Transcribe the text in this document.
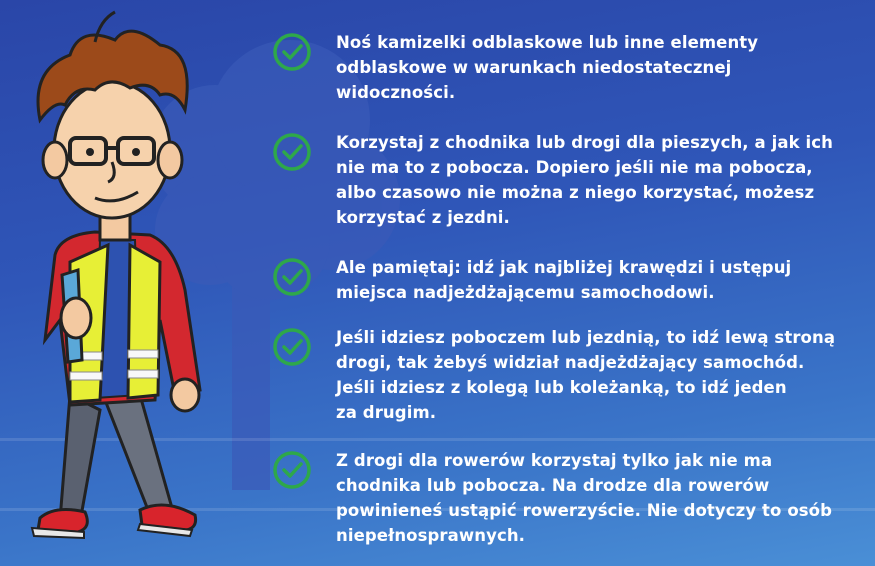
Noś kamizelki odblaskowe lub inne elementy
odblaskowe w warunkach niedostatecznej
widoczności.
Korzystaj z chodnika lub drogi dla pieszych, a jak ich
nie ma to z pobocza. Dopiero jeśli nie ma pobocza,
albo czasowo nie można z niego korzystać, możesz
korzystać z jezdni.
Ale pamiętaj: idź jak najbliżej krawędzi i ustępuj
miejsca nadjeżdżającemu samochodowi.
Jeśli idziesz poboczem lub jezdnią, to idź lewą stroną
drogi, tak żebyś widział nadjeżdżający samochód.
Jeśli idziesz z kolegą lub koleżanką, to idź jeden
za drugim.
Z drogi dla rowerów korzystaj tylko jak nie ma
chodnika lub pobocza. Na drodze dla rowerów
powinieneś ustąpić rowerzyście. Nie dotyczy to osób
niepełnosprawnych.
